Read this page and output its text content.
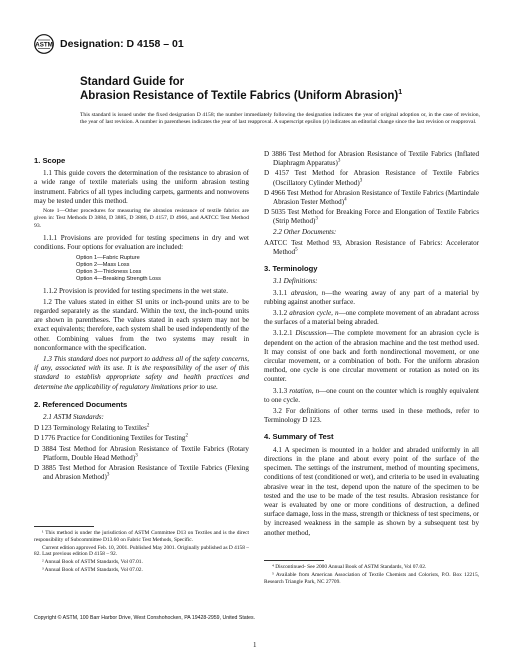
ASTM Designation: D 4158 – 01
Standard Guide for
Abrasion Resistance of Textile Fabrics (Uniform Abrasion)$^1$
This standard is issued under the fixed designation D 4158; the number immediately following the designation indicates the year of original adoption or, in the case of revision, the year of last revision. A number in parentheses indicates the year of last reapproval. A superscript epsilon (ε) indicates an editorial change since the last revision or reapproval.
1. Scope

1.1 This guide covers the determination of the resistance to abrasion of a wide range of textile materials using the uniform abrasion testing instrument. Fabrics of all types including carpets, garments and nonwovens may be tested under this method.

Note 1—Other procedures for measuring the abrasion resistance of textile fabrics are given in: Test Methods D 3884, D 3885, D 3886, D 4157, D 4966, and AATCC Test Method 93.

1.1.1 Provisions are provided for testing specimens in dry and wet conditions. Four options for evaluation are included:

Option 1—Fabric Rupture
Option 2—Mass Loss
Option 3—Thickness Loss
Option 4—Breaking Strength Loss

1.1.2 Provision is provided for testing specimens in the wet state.

1.2 The values stated in either SI units or inch-pound units are to be regarded separately as the standard. Within the text, the inch-pound units are shown in parentheses. The values stated in each system may not be exact equivalents; therefore, each system shall be used independently of the other. Combining values from the two systems may result in nonconformance with the specification.

1.3 This standard does not purport to address all of the safety concerns, if any, associated with its use. It is the responsibility of the user of this standard to establish appropriate safety and health practices and determine the applicability of regulatory limitations prior to use.

2. Referenced Documents

2.1 ASTM Standards:

D 123 Terminology Relating to Textiles$^2$
D 1776 Practice for Conditioning Textiles for Testing$^2$
D 3884 Test Method for Abrasion Resistance of Textile Fabrics (Rotary Platform, Double Head Method)$^3$
D 3885 Test Method for Abrasion Resistance of Textile Fabrics (Flexing and Abrasion Method)$^3$

¹ This method is under the jurisdiction of ASTM Committee D13 on Textiles and is the direct responsibility of Subcommittee D13.60 on Fabric Test Methods, Specific.

Current edition approved Feb. 10, 2001. Published May 2001. Originally published as D 4158 – 82. Last previous edition D 4158 – 92.

² Annual Book of ASTM Standards, Vol 07.01.

³ Annual Book of ASTM Standards, Vol 07.02.

D 3886 Test Method for Abrasion Resistance of Textile Fabrics (Inflated Diaphragm Apparatus)$^3$
D 4157 Test Method for Abrasion Resistance of Textile Fabrics (Oscillatory Cylinder Method)$^3$
D 4966 Test Method for Abrasion Resistance of Textile Fabrics (Martindale Abrasion Tester Method)$^4$
D 5035 Test Method for Breaking Force and Elongation of Textile Fabrics (Strip Method)$^3$

2.2 Other Documents:

AATCC Test Method 93, Abrasion Resistance of Fabrics: Accelerator Method$^5$
3. Terminology

3.1 Definitions:

3.1.1 abrasion, n—the wearing away of any part of a material by rubbing against another surface.

3.1.2 abrasion cycle, n—one complete movement of an abradant across the surfaces of a material being abraded.

3.1.2.1 Discussion—The complete movement for an abrasion cycle is dependent on the action of the abrasion machine and the test method used. It may consist of one back and forth nondirectional movement, or one circular movement, or a combination of both. For the uniform abrasion method, one cycle is one circular movement or rotation as noted on its counter.

3.1.3 rotation, n—one count on the counter which is roughly equivalent to one cycle.

3.2 For definitions of other terms used in these methods, refer to Terminology D 123.

4. Summary of Test

4.1 A specimen is mounted in a holder and abraded uniformly in all directions in the plane and about every point of the surface of the specimen. The settings of the instrument, method of mounting specimens, conditions of test (conditioned or wet), and criteria to be used in evaluating abrasive wear in the test, depend upon the nature of the specimen to be tested and the use to be made of the test results. Abrasion resistance for wear is evaluated by one or more conditions of destruction, a defined surface damage, loss in the mass, strength or thickness of test specimens, or by increased weakness in the sample as shown by a subsequent test by another method,

⁴ Discontinued- See 2000 Annual Book of ASTM Standards, Vol 07.02.

⁵ Available from American Association of Textile Chemists and Colorists, P.O. Box 12215, Research Triangle Park, NC 27709.

Copyright © ASTM, 100 Barr Harbor Drive, West Conshohocken, PA 19428-2959, United States.
1
